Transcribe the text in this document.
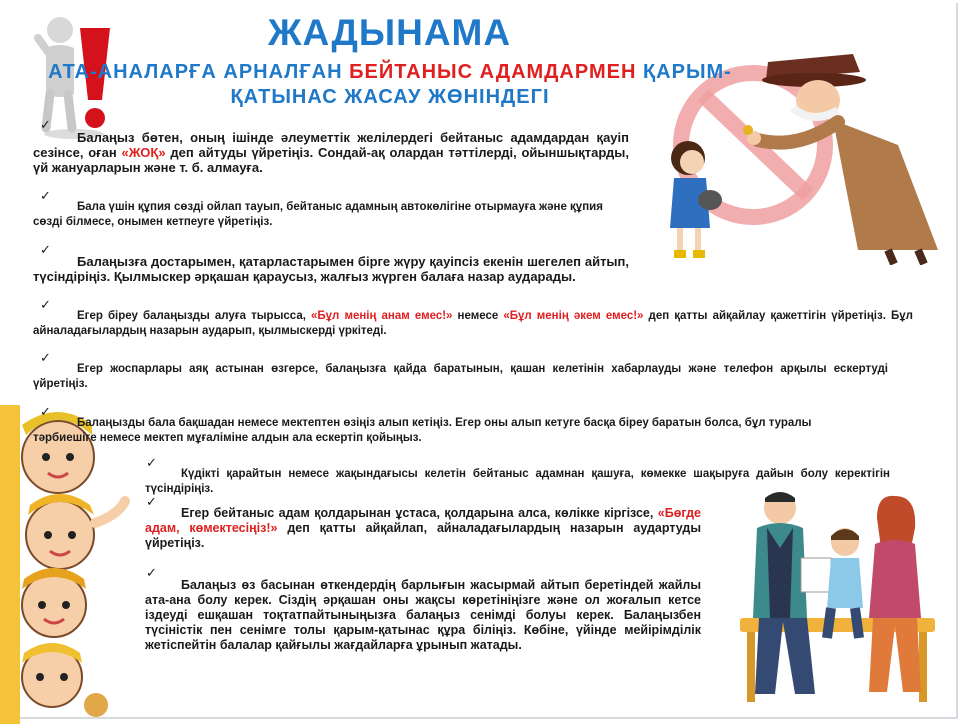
ЖАДЫНАМА
АТА-АНАЛАРҒА АРНАЛҒАН БЕЙТАНЫС АДАМДАРМЕН ҚАРЫМ-ҚАТЫНАС ЖАСАУ ЖӨНІНДЕГІ
✓
Балаңыз бөтен, оның ішінде әлеуметтік желілердегі бейтаныс адамдардан қауіп сезінсе, оған «ЖОҚ» деп айтуды үйретіңіз. Сондай-ақ олардан тәттілерді, ойыншықтарды, үй жануарларын және т. б. алмауға.
✓
Бала үшін құпия сөзді ойлап тауып, бейтаныс адамның автокөлігіне отырмауға және құпия сөзді білмесе, онымен кетпеуге үйретіңіз.
✓
Балаңызға достарымен, қатарластарымен бірге жүру қауіпсіз екенін шегелеп айтып, түсіндіріңіз. Қылмыскер әрқашан қараусыз, жалғыз жүрген балаға назар аударады.
✓
Егер біреу балаңызды алуға тырысса, «Бұл менің анам емес!» немесе «Бұл менің әкем емес!» деп қатты айқайлау қажеттігін үйретіңіз. Бұл айналадағылардың назарын аударып, қылмыскерді үркітеді.
✓
Егер жоспарлары аяқ астынан өзгерсе, балаңызға қайда баратынын, қашан келетінін хабарлауды және телефон арқылы ескертуді үйретіңіз.
✓
Балаңызды бала бақшадан немесе мектептен өзіңіз алып кетіңіз. Егер оны алып кетуге басқа біреу баратын болса, бұл туралы тәрбиешіге немесе мектеп мұғаліміне алдын ала ескертіп қойыңыз.
✓
Күдікті қарайтын немесе жақындағысы келетін бейтаныс адамнан қашуға, көмекке шақыруға дайын болу керектігін түсіндіріңіз.
✓
Егер бейтаныс адам қолдарынан ұстаса, қолдарына алса, көлікке кіргізсе, «Бөгде адам, көмектесіңіз!» деп қатты айқайлап, айналадағылардың назарын аудартуды үйретіңіз.
✓
Балаңыз өз басынан өткендердің барлығын жасырмай айтып беретіндей жайлы ата-ана болу керек. Сіздің әрқашан оны жақсы көретініңізге және ол жоғалып кетсе іздеуді ешқашан тоқтатпайтыныңызға балаңыз сенімді болуы керек. Балаңызбен түсіністік пен сенімге толы қарым-қатынас құра біліңіз. Көбіне, үйінде мейірімділік жетіспейтін балалар қайғылы жағдайларға ұрынып жатады.
